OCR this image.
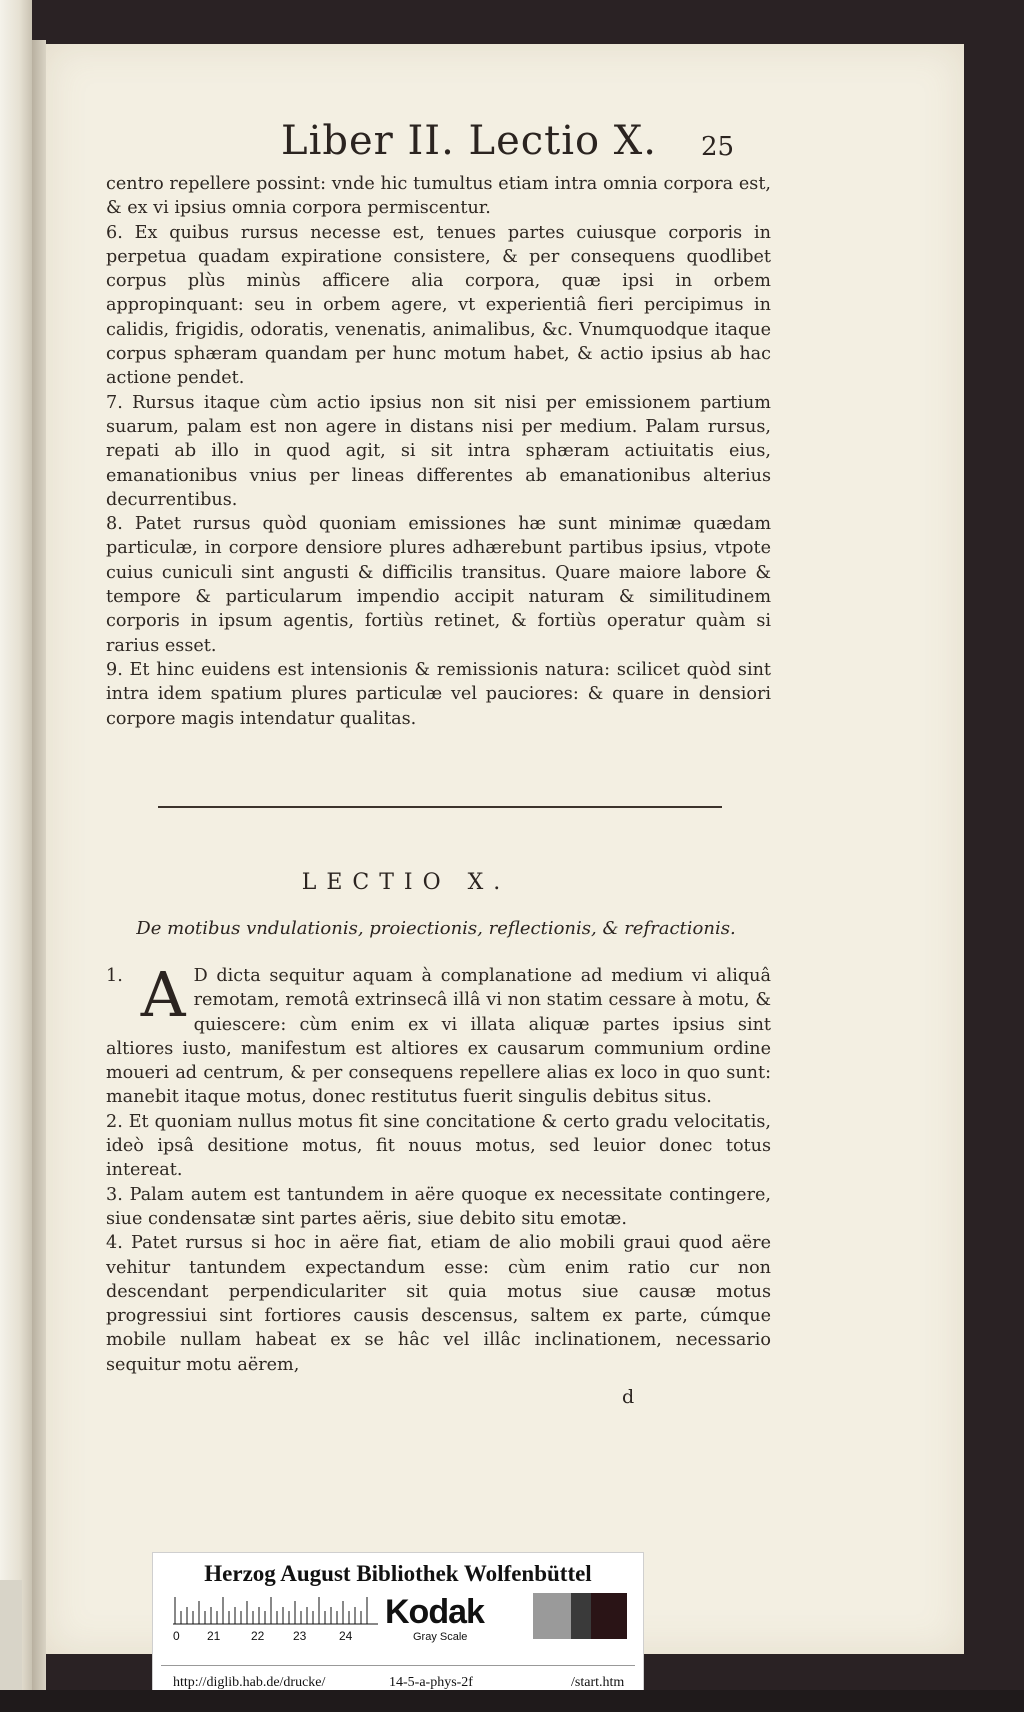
Liber II. Lectio X. 25

centro repellere possint: vnde hic tumultus etiam intra omnia corpora est, & ex vi ipsius omnia corpora permiscentur.

6. Ex quibus rursus necesse est, tenues partes cuiusque corporis in perpetua quadam expiratione consistere, & per consequens quodlibet corpus plùs minùs afficere alia corpora, quæ ipsi in orbem appropinquant: seu in orbem agere, vt experientiâ fieri percipimus in calidis, frigidis, odoratis, venenatis, animalibus, &c. Vnumquodque itaque corpus sphæram quandam per hunc motum habet, & actio ipsius ab hac actione pendet.

7. Rursus itaque cùm actio ipsius non sit nisi per emissionem partium suarum, palam est non agere in distans nisi per medium. Palam rursus, repati ab illo in quod agit, si sit intra sphæram actiuitatis eius, emanationibus vnius per lineas differentes ab emanationibus alterius decurrentibus.

8. Patet rursus quòd quoniam emissiones hæ sunt minimæ quædam particulæ, in corpore densiore plures adhærebunt partibus ipsius, vtpote cuius cuniculi sint angusti & difficilis transitus. Quare maiore labore & tempore & particularum impendio accipit naturam & similitudinem corporis in ipsum agentis, fortiùs retinet, & fortiùs operatur quàm si rarius esset.

9. Et hinc euidens est intensionis & remissionis natura: scilicet quòd sint intra idem spatium plures particulæ vel pauciores: & quare in densiori corpore magis intendatur qualitas.

LECTIO X.
De motibus vndulationis, proiectionis, reflectionis, & refractionis.

1. A D dicta sequitur aquam à complanatione ad medium vi aliquâ remotam, remotâ extrinsecâ illâ vi non statim cessare à motu, & quiescere: cùm enim ex vi illata aliquæ partes ipsius sint altiores iusto, manifestum est altiores ex causarum communium ordine moueri ad centrum, & per consequens repellere alias ex loco in quo sunt: manebit itaque motus, donec restitutus fuerit singulis debitus situs.

2. Et quoniam nullus motus fit sine concitatione & certo gradu velocitatis, ideò ipsâ desitione motus, fit nouus motus, sed leuior donec totus intereat.

3. Palam autem est tantundem in aëre quoque ex necessitate contingere, siue condensatæ sint partes aëris, siue debito situ emotæ.

4. Patet rursus si hoc in aëre fiat, etiam de alio mobili graui quod aëre vehitur tantundem expectandum esse: cùm enim ratio cur non descendant perpendiculariter sit quia motus siue causæ motus progressiui sint fortiores causis descensus, saltem ex parte, cúmque mobile nullam habeat ex se hâc vel illâc inclinationem, necessario sequitur motu aërem,

d
Herzog August Bibliothek Wolfenbüttel
0 21	22 23	24
Kodak
Gray Scale
http://diglib.hab.de/drucke/	14-5-a-phys-2f	/start.htm
